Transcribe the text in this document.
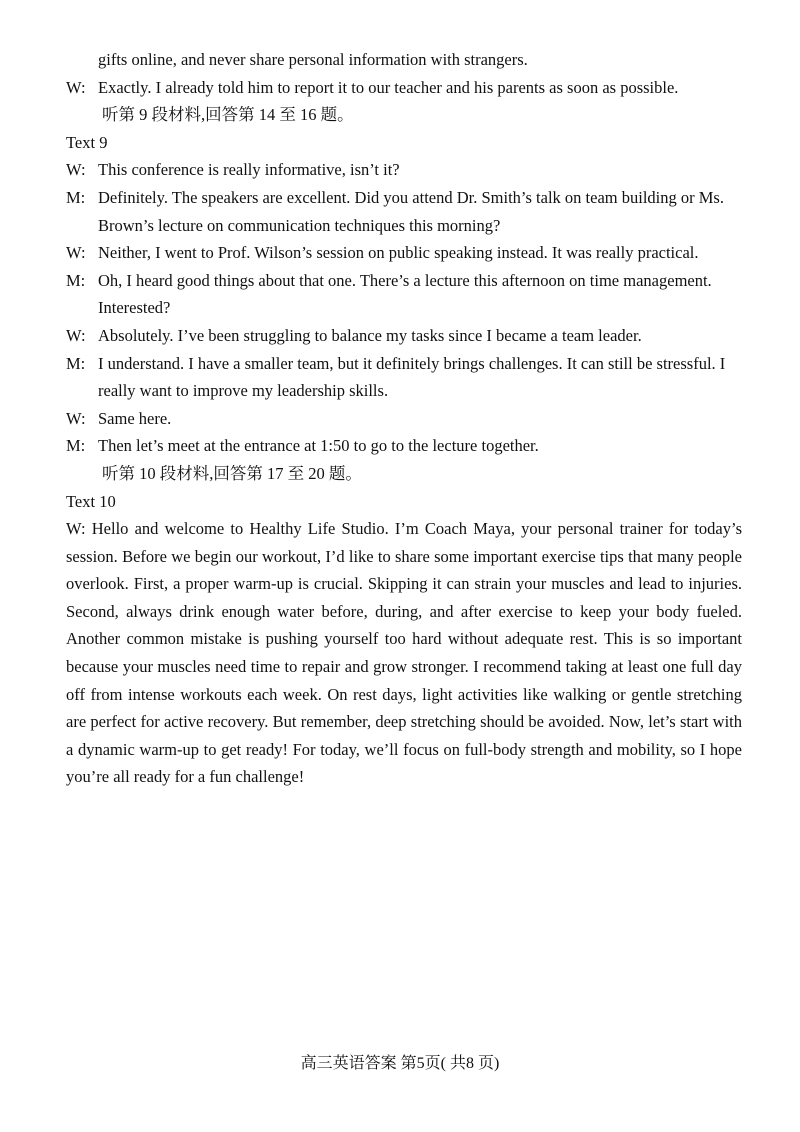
gifts online, and never share personal information with strangers.
W: Exactly. I already told him to report it to our teacher and his parents as soon as possible.
听第 9 段材料,回答第 14 至 16 题。
Text 9
W: This conference is really informative, isn’t it?
M: Definitely. The speakers are excellent. Did you attend Dr. Smith’s talk on team building or Ms. Brown’s lecture on communication techniques this morning?
W: Neither, I went to Prof. Wilson’s session on public speaking instead. It was really practical.
M: Oh, I heard good things about that one. There’s a lecture this afternoon on time management. Interested?
W: Absolutely. I’ve been struggling to balance my tasks since I became a team leader.
M: I understand. I have a smaller team, but it definitely brings challenges. It can still be stressful. I really want to improve my leadership skills.
W: Same here.
M: Then let’s meet at the entrance at 1:50 to go to the lecture together.
听第 10 段材料,回答第 17 至 20 题。
Text 10
W: Hello and welcome to Healthy Life Studio. I’m Coach Maya, your personal trainer for today’s session. Before we begin our workout, I’d like to share some important exercise tips that many people overlook. First, a proper warm-up is crucial. Skipping it can strain your muscles and lead to injuries. Second, always drink enough water before, during, and after exercise to keep your body fueled. Another common mistake is pushing yourself too hard without adequate rest. This is so important because your muscles need time to repair and grow stronger. I recommend taking at least one full day off from intense workouts each week. On rest days, light activities like walking or gentle stretching are perfect for active recovery. But remember, deep stretching should be avoided. Now, let’s start with a dynamic warm-up to get ready! For today, we’ll focus on full-body strength and mobility, so I hope you’re all ready for a fun challenge!
高三英语答案 第5页( 共8 页)
